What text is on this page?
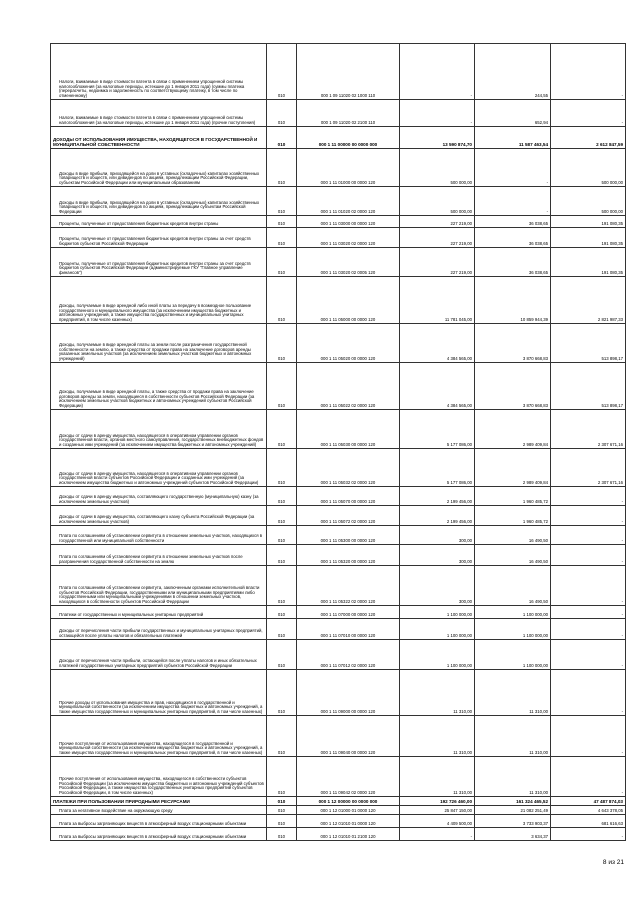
Налоги, взимаемые в виде стоимости патента в связи с применением упрощенной системы налогообложения (за налоговые периоды, истекшие до 1 января 2011 года) (суммы платежа (перерасчеты, недоимка и задолженность по соответствующему платежу, в том числе по отмененному)	010	000 1 09 11020 02 1000 110	-	244,55	-
Налоги, взимаемые в виде стоимости патента в связи с применением упрощенной системы налогообложения (за налоговые периоды, истекшие до 1 января 2011 года) (прочие поступления)	010	000 1 09 11020 02 2100 110	-	652,94	-
ДОХОДЫ ОТ ИСПОЛЬЗОВАНИЯ ИМУЩЕСТВА, НАХОДЯЩЕГОСЯ В ГОСУДАРСТВЕННОЙ И МУНИЦИПАЛЬНОЙ СОБСТВЕННОСТИ	010	000 1 11 00000 00 0000 000	13 590 874,70	11 587 463,54	2 612 847,59
Доходы в виде прибыли, приходящейся на доли в уставных (складочных) капиталах хозяйственных товариществ и обществ, или дивидендов по акциям, принадлежащим Российской Федерации, субъектам Российской Федерации или муниципальным образованиям	010	000 1 11 01000 00 0000 120	500 000,00	-	500 000,00
Доходы в виде прибыли, приходящейся на доли в уставных (складочных) капиталах хозяйственных товариществ и обществ, или дивидендов по акциям, принадлежащим субъектам Российской Федерации	010	000 1 11 01020 02 0000 120	500 000,00	-	500 000,00
Проценты, полученные от предоставления бюджетных кредитов внутри страны	010	000 1 11 03000 00 0000 120	227 219,00	36 038,65	191 080,35
Проценты, полученные от предоставления бюджетных кредитов внутри страны за счет средств бюджетов субъектов Российской Федерации	010	000 1 11 03020 02 0000 120	227 219,00	36 038,65	191 080,35
Проценты, полученные от предоставления бюджетных кредитов внутри страны за счет средств бюджетов субъектов Российской Федерации (администрируемые ГКУ "Главное управление финансов")	010	000 1 11 03020 02 0005 120	227 219,00	36 038,65	191 080,35
Доходы, получаемые в виде арендной либо иной платы за передачу в возмездное пользование государственного и муниципального имущества (за исключением имущества бюджетных и автономных учреждений, а также имущества государственных и муниципальных унитарных предприятий, в том числе казенных)	010	000 1 11 05000 00 0000 120	11 781 045,00	10 859 944,39	2 821 987,33
Доходы, получаемые в виде арендной платы за земли после разграничения государственной собственности на землю, а также средства от продажи права на заключение договоров аренды указанных земельных участков (за исключением земельных участков бюджетных и автономных учреждений)	010	000 1 11 05020 00 0000 120	4 384 565,00	3 870 668,83	513 898,17
Доходы, получаемые в виде арендной платы, а также средства от продажи права на заключение договоров аренды за земли, находящиеся в собственности субъектов Российской Федерации (за исключением земельных участков бюджетных и автономных учреждений субъектов Российской Федерации)	010	000 1 11 05022 02 0000 120	4 384 565,00	3 870 668,83	513 898,17
Доходы от сдачи в аренду имущества, находящегося в оперативном управлении органов государственной власти, органов местного самоуправления, государственных внебюджетных фондов и созданных ими учреждений (за исключением имущества бюджетных и автономных учреждений)	010	000 1 11 05030 00 0000 120	5 177 086,00	2 989 409,84	2 307 671,16
Доходы от сдачи в аренду имущества, находящегося в оперативном управлении органов государственной власти субъектов Российской Федерации и созданных ими учреждений (за исключением имущества бюджетных и автономных учреждений субъектов Российской Федерации)	010	000 1 11 05032 02 0000 120	5 177 086,00	2 989 409,84	2 307 671,16
Доходы от сдачи в аренду имущества, составляющего государственную (муниципальную) казну (за исключением земельных участков)	010	000 1 11 05070 00 0000 120	2 199 456,00	1 960 485,72	-
Доходы от сдачи в аренду имущества, составляющего казну субъекта Российской Федерации (за исключением земельных участков)	010	000 1 11 05072 02 0000 120	2 199 456,00	1 960 485,72	-
Плата по соглашениям об установлении сервитута в отношении земельных участков, находящихся в государственной или муниципальной собственности	010	000 1 11 05300 00 0000 120	300,00	16 490,50	-
Плата по соглашениям об установлении сервитута в отношении земельных участков после разграничения государственной собственности на землю	010	000 1 11 05320 00 0000 120	300,00	16 490,50	-
Плата по соглашениям об установлении сервитута, заключенным органами исполнительной власти субъектов Российской Федерации, государственными или муниципальными предприятиями либо государственными или муниципальными учреждениями в отношении земельных участков, находящихся в собственности субъектов Российской Федерации	010	000 1 11 05322 02 0000 120	300,00	16 490,50	-
Платежи от государственных и муниципальных унитарных предприятий	010	000 1 11 07000 00 0000 120	1 100 000,00	1 100 000,00	-
Доходы от перечисления части прибыли государственных и муниципальных унитарных предприятий, остающейся после уплаты налогов и обязательных платежей	010	000 1 11 07010 00 0000 120	1 100 000,00	1 100 000,00	-
Доходы от перечисления части прибыли, остающейся после уплаты налогов и иных обязательных платежей государственных унитарных предприятий субъектов Российской Федерации	010	000 1 11 07012 02 0000 120	1 100 000,00	1 100 000,00	-
Прочие доходы от использования имущества и прав, находящихся в государственной и муниципальной собственности (за исключением имущества бюджетных и автономных учреждений, а также имущества государственных и муниципальных унитарных предприятий, в том числе казенных)	010	000 1 11 09000 00 0000 120	11 310,00	11 310,00	-
Прочие поступления от использования имущества, находящегося в государственной и муниципальной собственности (за исключением имущества бюджетных и автономных учреждений, а также имущества государственных и муниципальных унитарных предприятий, в том числе казенных)	010	000 1 11 09040 00 0000 120	11 310,00	11 310,00	-
Прочие поступления от использования имущества, находящегося в собственности субъектов Российской Федерации (за исключением имущества бюджетных и автономных учреждений субъектов Российской Федерации, а также имущества государственных унитарных предприятий субъектов Российской Федерации, в том числе казенных)	010	000 1 11 09042 02 0000 120	11 310,00	11 310,00	-
ПЛАТЕЖИ ПРИ ПОЛЬЗОВАНИИ ПРИРОДНЫМИ РЕСУРСАМИ	010	000 1 12 00000 00 0000 000	192 726 460,00	161 324 465,52	47 487 874,03
Плата за негативное воздействие на окружающую среду	010	000 1 12 01000 01 0000 120	25 847 150,00	21 082 251,49	4 643 378,05
Плата за выбросы загрязняющих веществ в атмосферный воздух стационарными объектами	010	000 1 12 01010 01 0000 120	4 409 500,00	3 733 903,37	681 616,63
Плата за выбросы загрязняющих веществ в атмосферный воздух стационарными объектами	010	000 1 12 01010 01 2100 120	-	3 634,37	-
8 из 21
